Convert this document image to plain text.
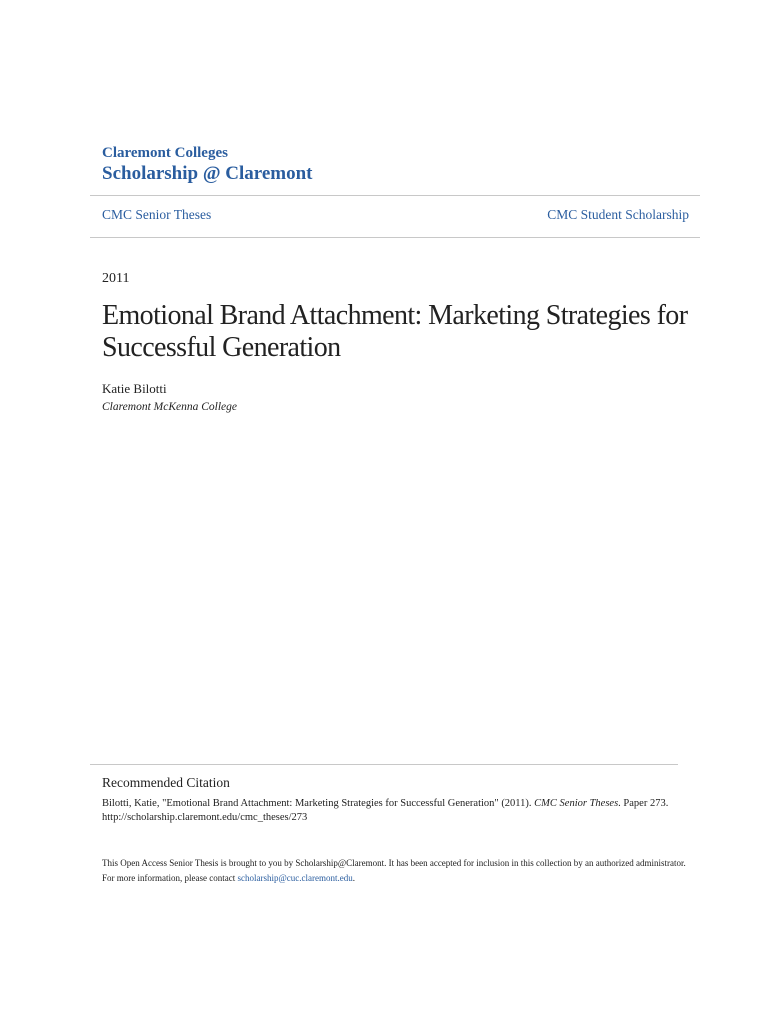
Claremont Colleges
Scholarship @ Claremont
CMC Senior Theses	CMC Student Scholarship
2011
Emotional Brand Attachment: Marketing Strategies for Successful Generation
Katie Bilotti
Claremont McKenna College
Recommended Citation
Bilotti, Katie, "Emotional Brand Attachment: Marketing Strategies for Successful Generation" (2011). CMC Senior Theses. Paper 273.
http://scholarship.claremont.edu/cmc_theses/273
This Open Access Senior Thesis is brought to you by Scholarship@Claremont. It has been accepted for inclusion in this collection by an authorized administrator. For more information, please contact scholarship@cuc.claremont.edu.
